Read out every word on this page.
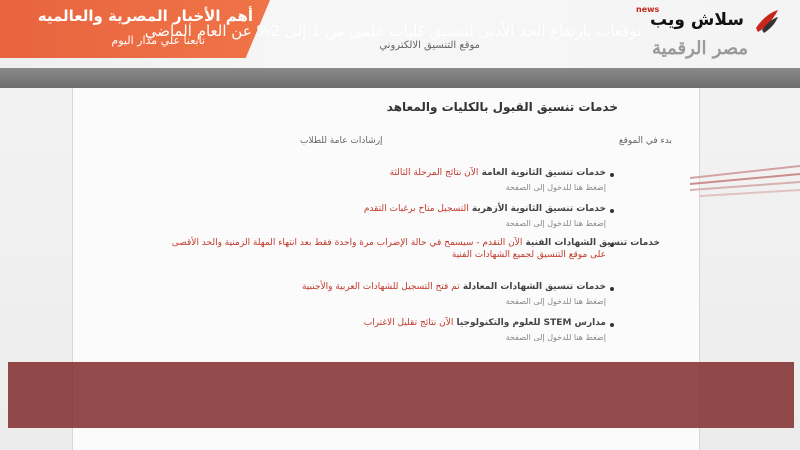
موقع التنسيق الالكتروني	مصر الرقمية
خدمات تنسيق القبول بالكليات والمعاهد
بدء في الموقع
إرشادات عامة للطلاب
خدمات تنسيق الثانوية العامة الآن نتائج المرحلة الثالثة
إضغط هنا للدخول إلى الصفحة
خدمات تنسيق الثانوية الأزهرية التسجيل متاح برغبات التقدم
إضغط هنا للدخول إلى الصفحة
خدمات تنسيق الشهادات الفنية الآن التقدم - سيسمح في حالة الإضراب مرة واحدة فقط بعد انتهاء المهلة الزمنية والحد الأقصى
على موقع التنسيق لجميع الشهادات الفنية
خدمات تنسيق الشهادات المعادلة تم فتح التسجيل للشهادات العربية والأجنبية
إضغط هنا للدخول إلى الصفحة
مدارس STEM للعلوم والتكنولوجيا الآن نتائج تقليل الاغتراب
إضغط هنا للدخول إلى الصفحة
أهم الأخبار المصرية والعالميه
تابعنا علي مدار اليوم
news
سلاش ويب
توقعات بارتفاع الحد الأدنى لتنسيق كليات علمى من 1 إلى 2% عن العام الماضي
